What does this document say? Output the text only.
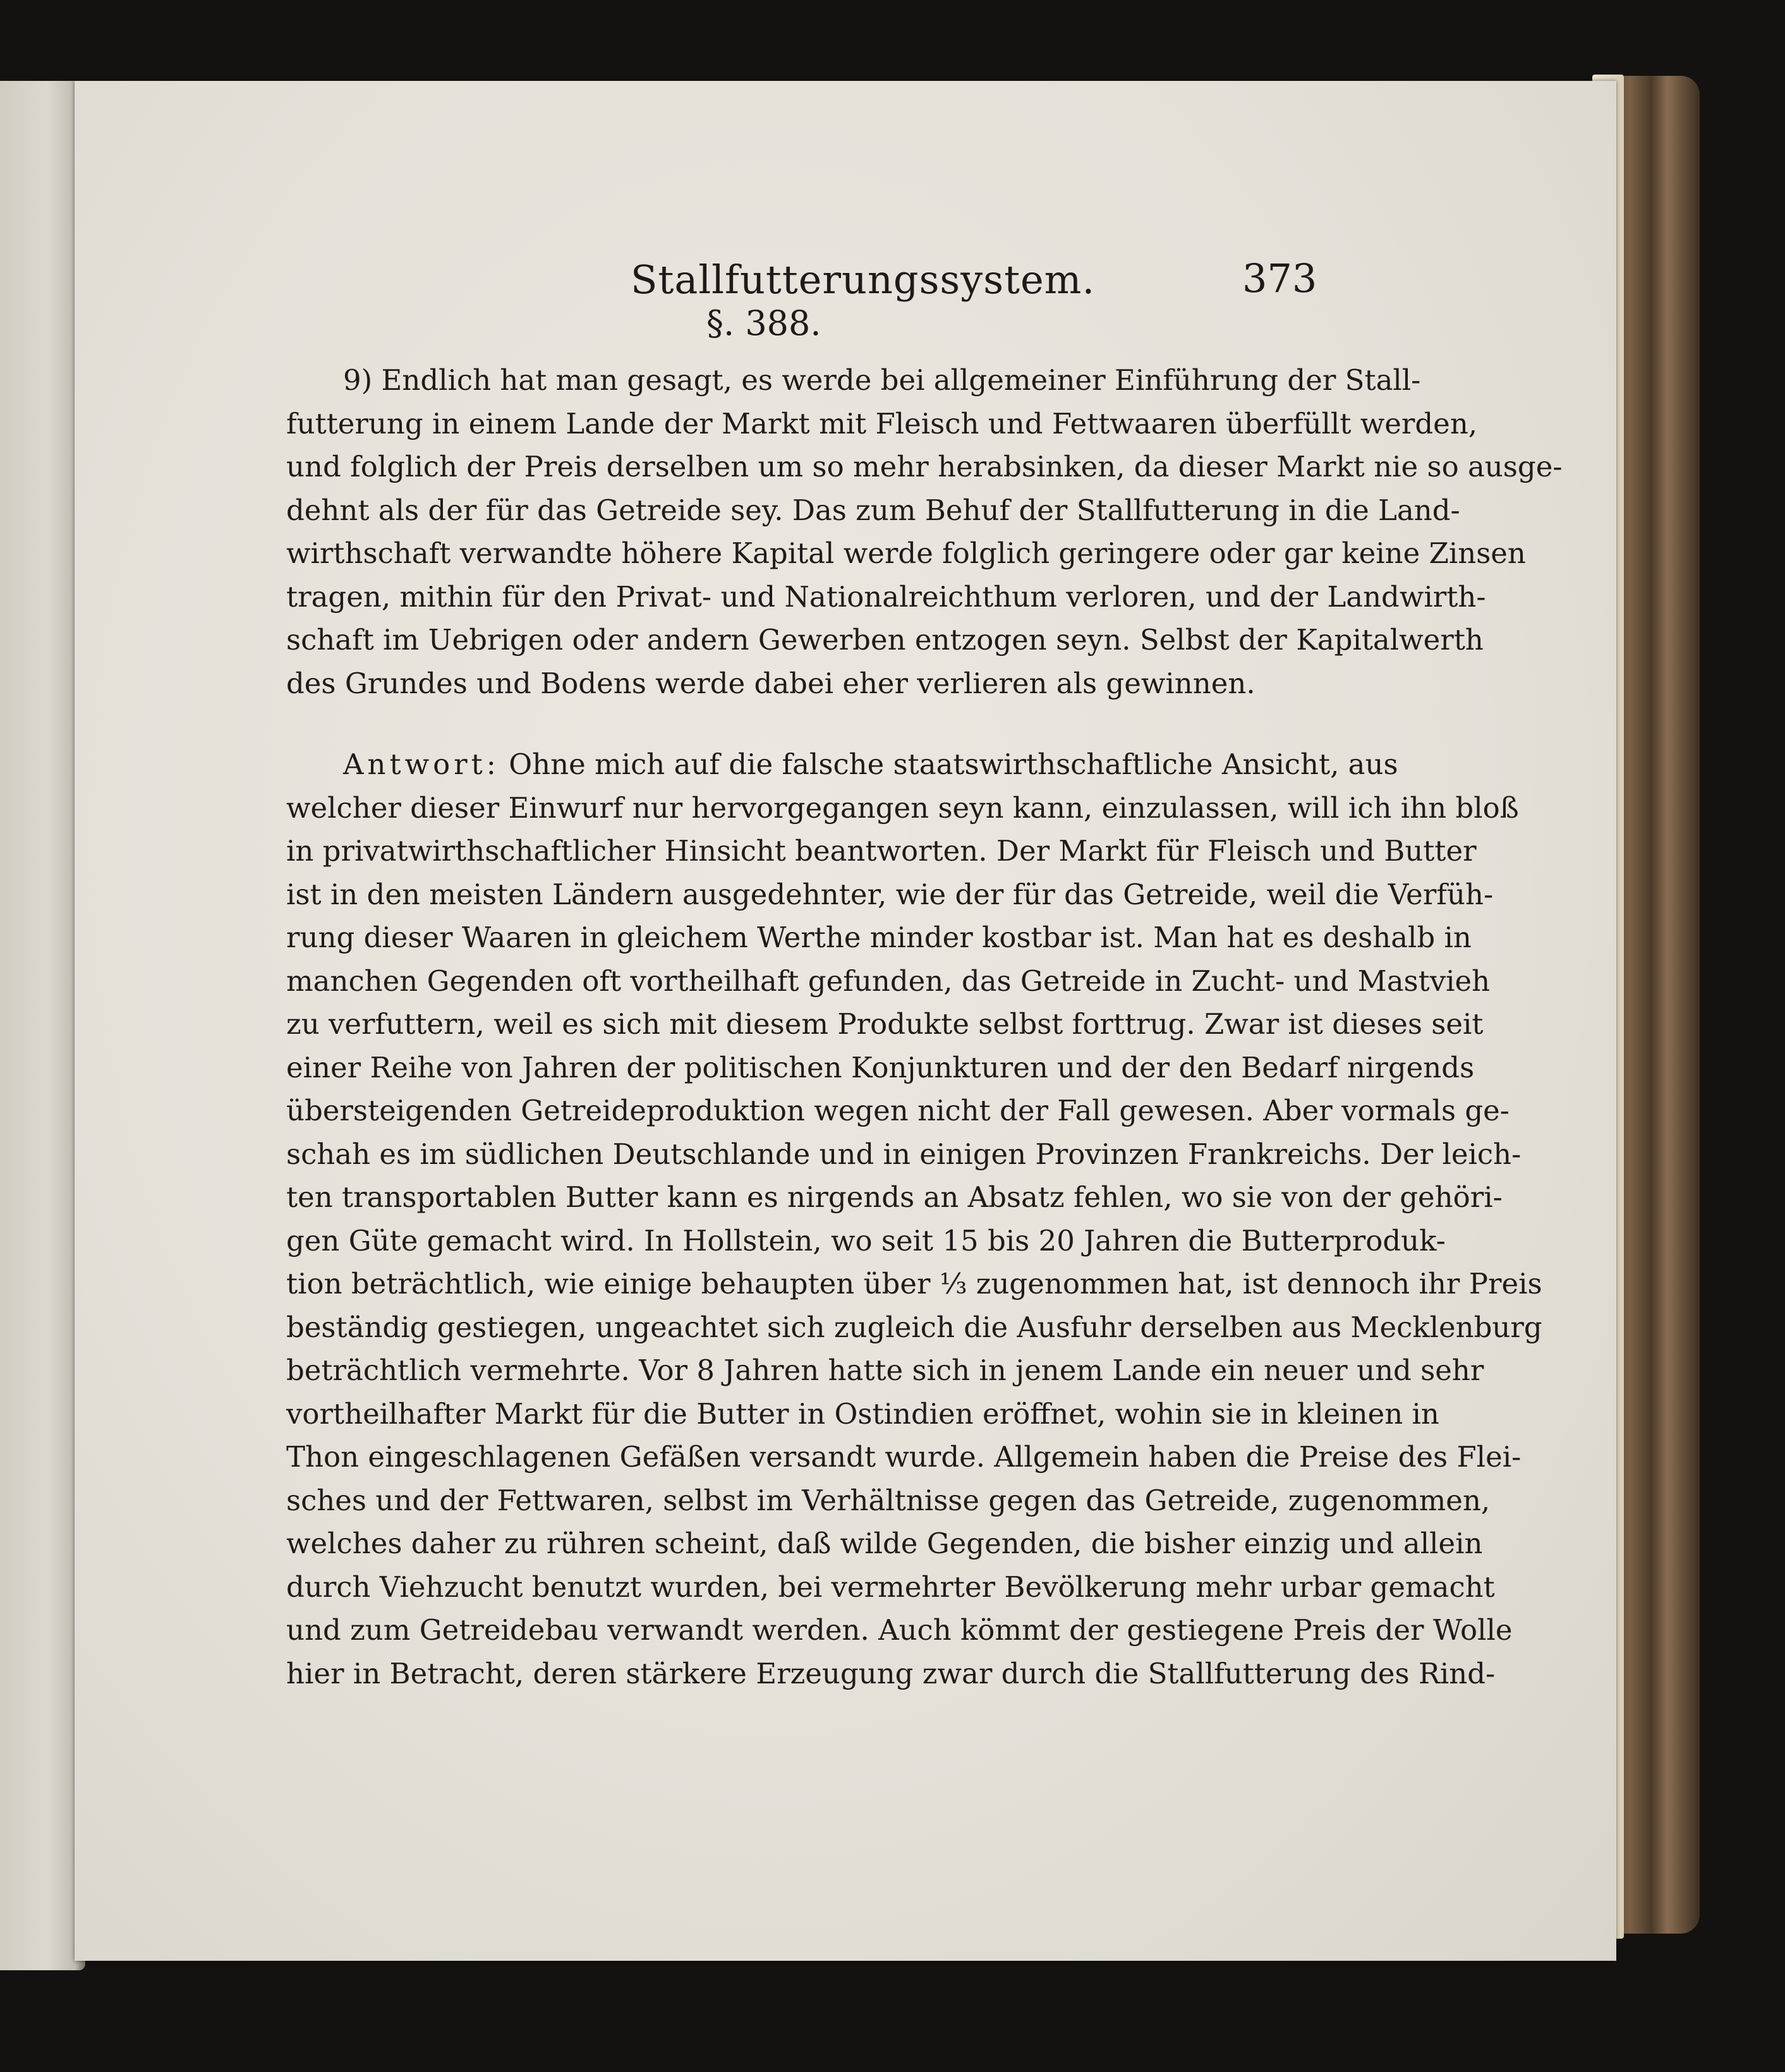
Stallfutterungssystem.	373
§. 388.
9) Endlich hat man gesagt, es werde bei allgemeiner Einführung der Stall-
futterung in einem Lande der Markt mit Fleisch und Fettwaaren überfüllt werden,
und folglich der Preis derselben um so mehr herabsinken, da dieser Markt nie so ausge-
dehnt als der für das Getreide sey. Das zum Behuf der Stallfutterung in die Land-
wirthschaft verwandte höhere Kapital werde folglich geringere oder gar keine Zinsen
tragen, mithin für den Privat- und Nationalreichthum verloren, und der Landwirth-
schaft im Uebrigen oder andern Gewerben entzogen seyn. Selbst der Kapitalwerth
des Grundes und Bodens werde dabei eher verlieren als gewinnen.
Antwort: Ohne mich auf die falsche staatswirthschaftliche Ansicht, aus
welcher dieser Einwurf nur hervorgegangen seyn kann, einzulassen, will ich ihn bloß
in privatwirthschaftlicher Hinsicht beantworten. Der Markt für Fleisch und Butter
ist in den meisten Ländern ausgedehnter, wie der für das Getreide, weil die Verfüh-
rung dieser Waaren in gleichem Werthe minder kostbar ist. Man hat es deshalb in
manchen Gegenden oft vortheilhaft gefunden, das Getreide in Zucht- und Mastvieh
zu verfuttern, weil es sich mit diesem Produkte selbst forttrug. Zwar ist dieses seit
einer Reihe von Jahren der politischen Konjunkturen und der den Bedarf nirgends
übersteigenden Getreideproduktion wegen nicht der Fall gewesen. Aber vormals ge-
schah es im südlichen Deutschlande und in einigen Provinzen Frankreichs. Der leich-
ten transportablen Butter kann es nirgends an Absatz fehlen, wo sie von der gehöri-
gen Güte gemacht wird. In Hollstein, wo seit 15 bis 20 Jahren die Butterproduk-
tion beträchtlich, wie einige behaupten über ⅓ zugenommen hat, ist dennoch ihr Preis
beständig gestiegen, ungeachtet sich zugleich die Ausfuhr derselben aus Mecklenburg
beträchtlich vermehrte. Vor 8 Jahren hatte sich in jenem Lande ein neuer und sehr
vortheilhafter Markt für die Butter in Ostindien eröffnet, wohin sie in kleinen in
Thon eingeschlagenen Gefäßen versandt wurde. Allgemein haben die Preise des Flei-
sches und der Fettwaren, selbst im Verhältnisse gegen das Getreide, zugenommen,
welches daher zu rühren scheint, daß wilde Gegenden, die bisher einzig und allein
durch Viehzucht benutzt wurden, bei vermehrter Bevölkerung mehr urbar gemacht
und zum Getreidebau verwandt werden. Auch kömmt der gestiegene Preis der Wolle
hier in Betracht, deren stärkere Erzeugung zwar durch die Stallfutterung des Rind-
